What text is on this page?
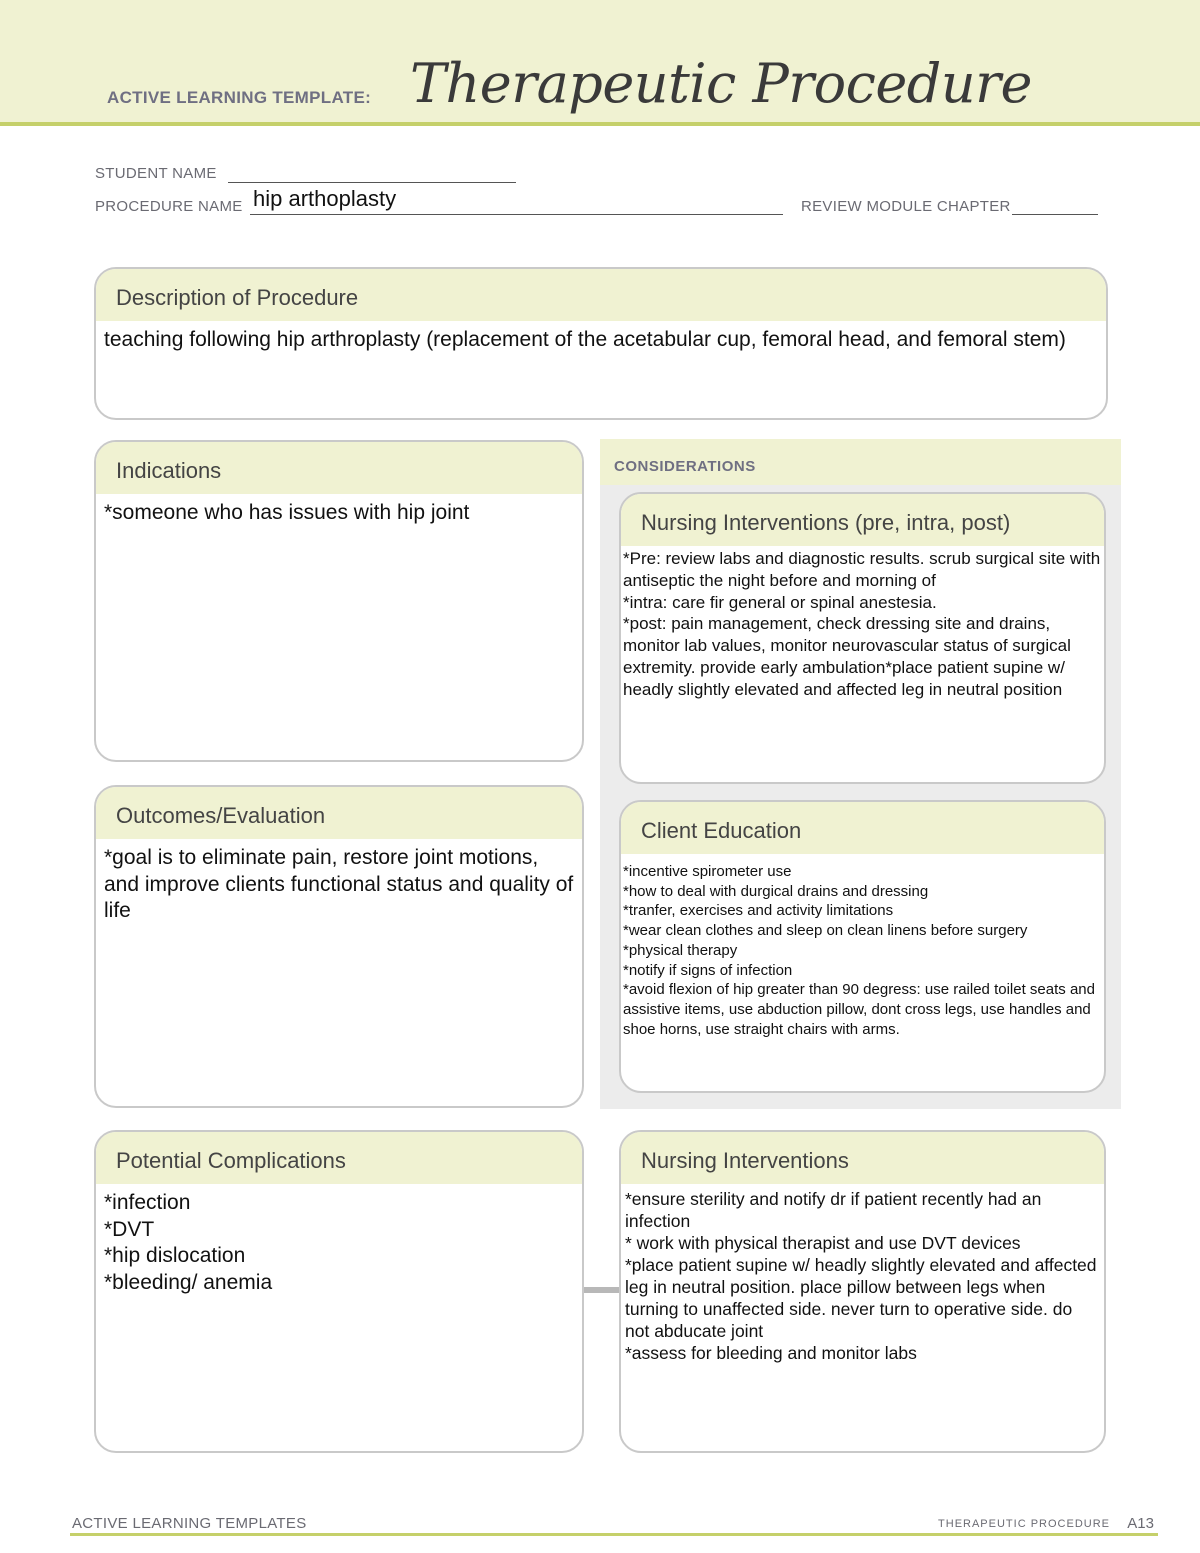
ACTIVE LEARNING TEMPLATE: Therapeutic Procedure
STUDENT NAME
PROCEDURE NAME hip arthoplasty	REVIEW MODULE CHAPTER
Description of Procedure
teaching following hip arthroplasty (replacement of the acetabular cup, femoral head, and femoral stem)
CONSIDERATIONS
Indications
*someone who has issues with hip joint	Nursing Interventions (pre, intra, post)
*Pre: review labs and diagnostic results. scrub surgical site with antiseptic the night before and morning of
*intra: care fir general or spinal anestesia.
*post: pain management, check dressing site and drains, monitor lab values, monitor neurovascular status of surgical extremity. provide early ambulation*place patient supine w/ headly slightly elevated and affected leg in neutral position
Outcomes/Evaluation
*goal is to eliminate pain, restore joint motions, and improve clients functional status and quality of life
Client Education
*incentive spirometer use
*how to deal with durgical drains and dressing
*tranfer, exercises and activity limitations
*wear clean clothes and sleep on clean linens before surgery
*physical therapy
*notify if signs of infection
*avoid flexion of hip greater than 90 degress: use railed toilet seats and assistive items, use abduction pillow, dont cross legs, use handles and shoe horns, use straight chairs with arms.
Potential Complications
*infection
*DVT
*hip dislocation
*bleeding/ anemia
Nursing Interventions
*ensure sterility and notify dr if patient recently had an infection
* work with physical therapist and use DVT devices
*place patient supine w/ headly slightly elevated and affected leg in neutral position. place pillow between legs when turning to unaffected side. never turn to operative side. do not abducate joint
*assess for bleeding and monitor labs
ACTIVE LEARNING TEMPLATES	THERAPEUTIC PROCEDURE A13
